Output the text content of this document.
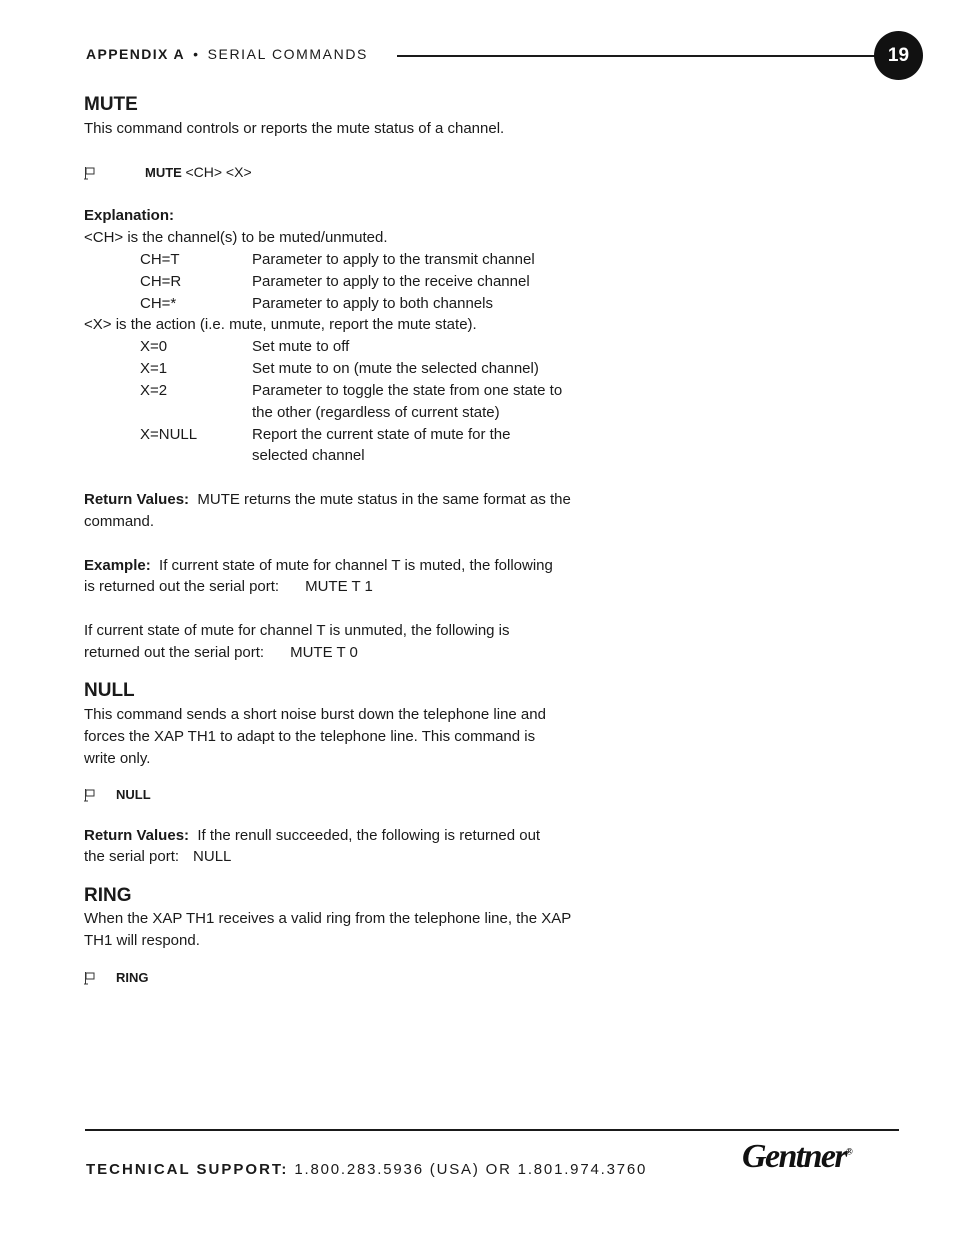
APPENDIX A • SERIAL COMMANDS	19
MUTE
This command controls or reports the mute status of a channel.
MUTE <CH> <X>
Explanation:
<CH> is the channel(s) to be muted/unmuted.
CH=T	Parameter to apply to the transmit channel
CH=R	Parameter to apply to the receive channel
CH=*	Parameter to apply to both channels
<X> is the action (i.e. mute, unmute, report the mute state).
X=0	Set mute to off
X=1	Set mute to on (mute the selected channel)
X=2	Parameter to toggle the state from one state to
the other (regardless of current state)
X=NULL	Report the current state of mute for the
selected channel
Return Values: MUTE returns the mute status in the same format as the
command.
Example: If current state of mute for channel T is muted, the following
is returned out the serial port: MUTE T 1
If current state of mute for channel T is unmuted, the following is
returned out the serial port: MUTE T 0
NULL
This command sends a short noise burst down the telephone line and
forces the XAP TH1 to adapt to the telephone line. This command is
write only.
NULL
Return Values: If the renull succeeded, the following is returned out
the serial port: NULL
RING
When the XAP TH1 receives a valid ring from the telephone line, the XAP
TH1 will respond.
RING
TECHNICAL SUPPORT: 1.800.283.5936 (USA) OR 1.801.974.3760	Gentner®
